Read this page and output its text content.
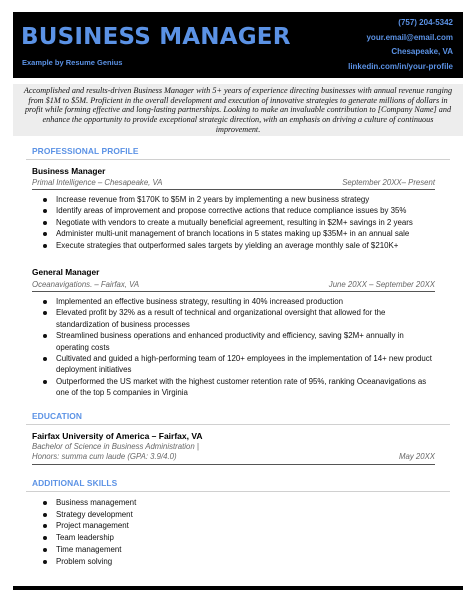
BUSINESS MANAGER
Example by Resume Genius
(757) 204-5342
your.email@email.com
Chesapeake, VA
linkedin.com/in/your-profile
Accomplished and results-driven Business Manager with 5+ years of experience directing businesses with annual revenue ranging from $1M to $5M. Proficient in the overall development and execution of innovative strategies to generate millions of dollars in profit while forming effective and long-lasting partnerships. Looking to make an invaluable contribution to [Company Name] and enhance the opportunity to provide exceptional strategic direction, with an emphasis on driving a culture of continuous improvement.
PROFESSIONAL PROFILE
Business Manager
Primal Intelligence – Chesapeake, VA	September 20XX– Present
Increase revenue from $170K to $5M in 2 years by implementing a new business strategy
Identify areas of improvement and propose corrective actions that reduce compliance issues by 35%
Negotiate with vendors to create a mutually beneficial agreement, resulting in $2M+ savings in 2 years
Administer multi-unit management of branch locations in 5 states making up $35M+ in an annual sale
Execute strategies that outperformed sales targets by yielding an average monthly sale of $210K+
General Manager
Oceanavigations. – Fairfax, VA	June 20XX – September 20XX
Implemented an effective business strategy, resulting in 40% increased production
Elevated profit by 32% as a result of technical and organizational oversight that allowed for the standardization of business processes
Streamlined business operations and enhanced productivity and efficiency, saving $2M+ annually in operating costs
Cultivated and guided a high-performing team of 120+ employees in the implementation of 14+ new product deployment initiatives
Outperformed the US market with the highest customer retention rate of 95%, ranking Oceanavigations as one of the top 5 companies in Virginia
EDUCATION
Fairfax University of America – Fairfax, VA
Bachelor of Science in Business Administration |
Honors: summa cum laude (GPA: 3.9/4.0)	May 20XX
ADDITIONAL SKILLS
Business management
Strategy development
Project management
Team leadership
Time management
Problem solving
